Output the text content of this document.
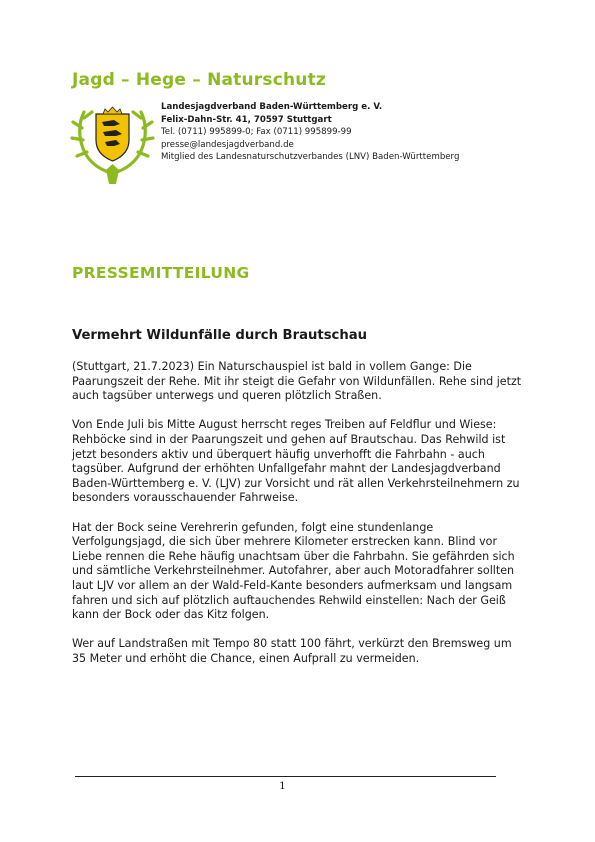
Jagd – Hege – Naturschutz
Landesjagdverband Baden-Württemberg e. V.
Felix-Dahn-Str. 41, 70597 Stuttgart
Tel. (0711) 995899-0; Fax (0711) 995899-99
presse@landesjagdverband.de
Mitglied des Landesnaturschutzverbandes (LNV) Baden-Württemberg
PRESSEMITTEILUNG
Vermehrt Wildunfälle durch Brautschau

(Stuttgart, 21.7.2023) Ein Naturschauspiel ist bald in vollem Gange: Die Paarungszeit der Rehe. Mit ihr steigt die Gefahr von Wildunfällen. Rehe sind jetzt auch tagsüber unterwegs und queren plötzlich Straßen.

Von Ende Juli bis Mitte August herrscht reges Treiben auf Feldflur und Wiese: Rehböcke sind in der Paarungszeit und gehen auf Brautschau. Das Rehwild ist jetzt besonders aktiv und überquert häufig unverhofft die Fahrbahn - auch tagsüber. Aufgrund der erhöhten Unfallgefahr mahnt der Landesjagdverband Baden-Württemberg e. V. (LJV) zur Vorsicht und rät allen Verkehrsteilnehmern zu besonders vorausschauender Fahrweise.

Hat der Bock seine Verehrerin gefunden, folgt eine stundenlange Verfolgungsjagd, die sich über mehrere Kilometer erstrecken kann. Blind vor Liebe rennen die Rehe häufig unachtsam über die Fahrbahn. Sie gefährden sich und sämtliche Verkehrsteilnehmer. Autofahrer, aber auch Motoradfahrer sollten laut LJV vor allem an der Wald-Feld-Kante besonders aufmerksam und langsam fahren und sich auf plötzlich auftauchendes Rehwild einstellen: Nach der Geiß kann der Bock oder das Kitz folgen.

Wer auf Landstraßen mit Tempo 80 statt 100 fährt, verkürzt den Bremsweg um 35 Meter und erhöht die Chance, einen Aufprall zu vermeiden.

1
